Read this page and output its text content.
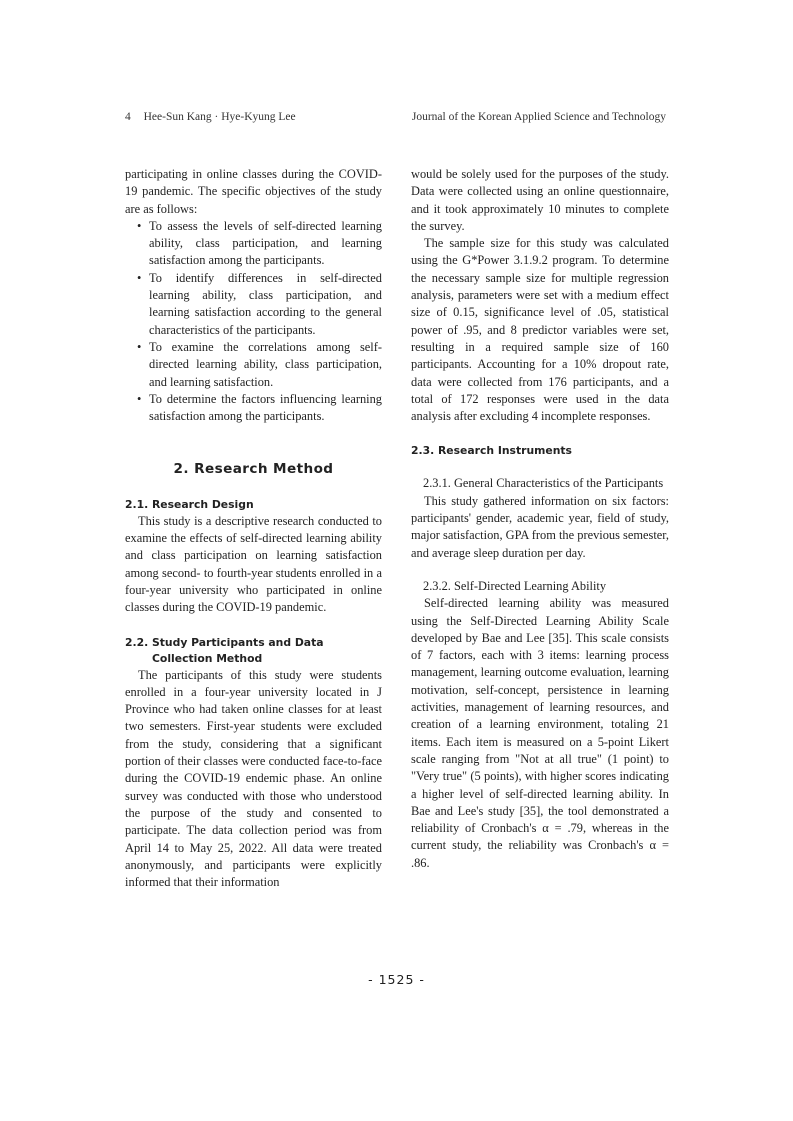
4 Hee-Sun Kang · Hye-Kyung Lee	Journal of the Korean Applied Science and Technology

participating in online classes during the COVID-19 pandemic. The specific objectives of the study are as follows:

• To assess the levels of self-directed learning ability, class participation, and learning satisfaction among the participants.
• To identify differences in self-directed learning ability, class participation, and learning satisfaction according to the general characteristics of the participants.
• To examine the correlations among self-directed learning ability, class participation, and learning satisfaction.
• To determine the factors influencing learning satisfaction among the participants.
2. Research Method
2.1. Research Design

This study is a descriptive research conducted to examine the effects of self-directed learning ability and class participation on learning satisfaction among second- to fourth-year students enrolled in a four-year university who participated in online classes during the COVID-19 pandemic.

2.2. Study Participants and Data Collection Method

The participants of this study were students enrolled in a four-year university located in J Province who had taken online classes for at least two semesters. First-year students were excluded from the study, considering that a significant portion of their classes were conducted face-to-face during the COVID-19 endemic phase. An online survey was conducted with those who understood the purpose of the study and consented to participate. The data collection period was from April 14 to May 25, 2022. All data were treated anonymously, and participants were explicitly informed that their information

would be solely used for the purposes of the study. Data were collected using an online questionnaire, and it took approximately 10 minutes to complete the survey.

The sample size for this study was calculated using the G*Power 3.1.9.2 program. To determine the necessary sample size for multiple regression analysis, parameters were set with a medium effect size of 0.15, significance level of .05, statistical power of .95, and 8 predictor variables were set, resulting in a required sample size of 160 participants. Accounting for a 10% dropout rate, data were collected from 176 participants, and a total of 172 responses were used in the data analysis after excluding 4 incomplete responses.

2.3. Research Instruments
2.3.1. General Characteristics of the Participants

This study gathered information on six factors: participants' gender, academic year, field of study, major satisfaction, GPA from the previous semester, and average sleep duration per day.

2.3.2. Self-Directed Learning Ability

Self-directed learning ability was measured using the Self-Directed Learning Ability Scale developed by Bae and Lee [35]. This scale consists of 7 factors, each with 3 items: learning process management, learning outcome evaluation, learning motivation, self-concept, persistence in learning activities, management of learning resources, and creation of a learning environment, totaling 21 items. Each item is measured on a 5-point Likert scale ranging from "Not at all true" (1 point) to "Very true" (5 points), with higher scores indicating a higher level of self-directed learning ability. In Bae and Lee's study [35], the tool demonstrated a reliability of Cronbach's α = .79, whereas in the current study, the reliability was Cronbach's α = .86.

- 1525 -
